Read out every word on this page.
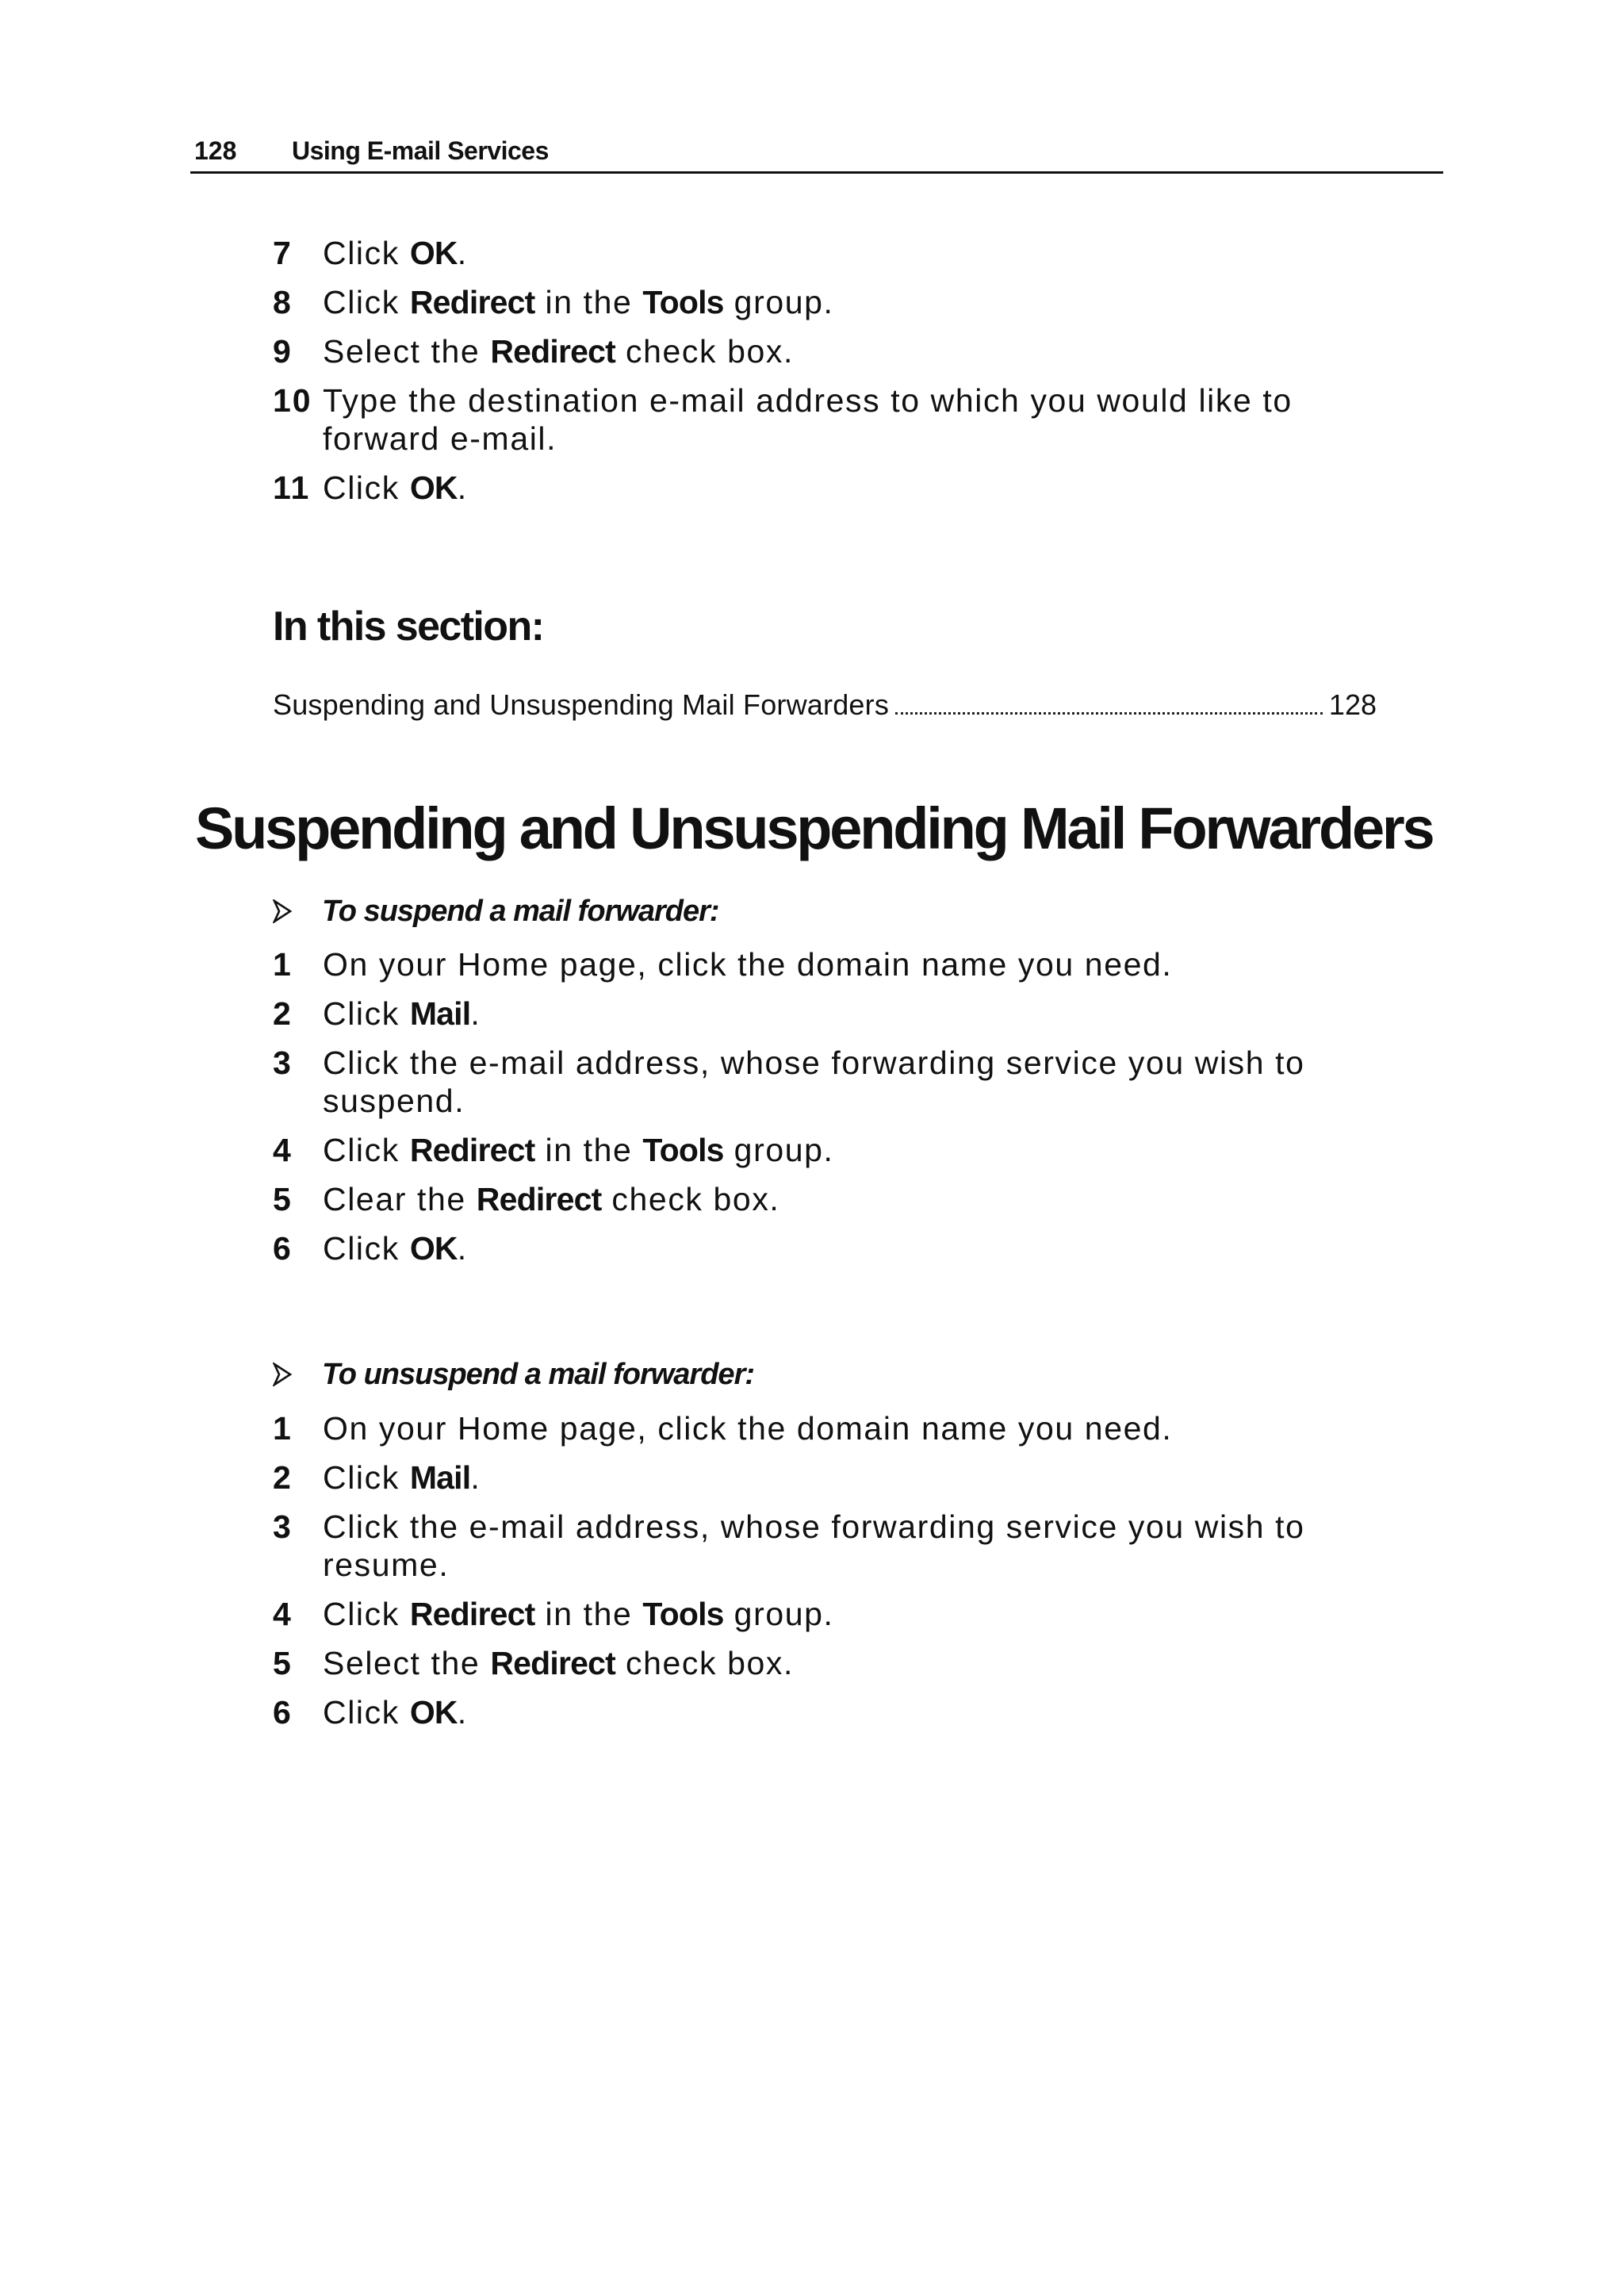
128 Using E-mail Services
7 Click OK.
8 Click Redirect in the Tools group.
9 Select the Redirect check box.
10 Type the destination e-mail address to which you would like to forward e-mail.
11 Click OK.
In this section:
Suspending and Unsuspending Mail Forwarders	128
Suspending and Unsuspending Mail Forwarders
To suspend a mail forwarder:
1 On your Home page, click the domain name you need.
2 Click Mail.
3 Click the e-mail address, whose forwarding service you wish to suspend.
4 Click Redirect in the Tools group.
5 Clear the Redirect check box.
6 Click OK.
To unsuspend a mail forwarder:
1 On your Home page, click the domain name you need.
2 Click Mail.
3 Click the e-mail address, whose forwarding service you wish to resume.
4 Click Redirect in the Tools group.
5 Select the Redirect check box.
6 Click OK.
